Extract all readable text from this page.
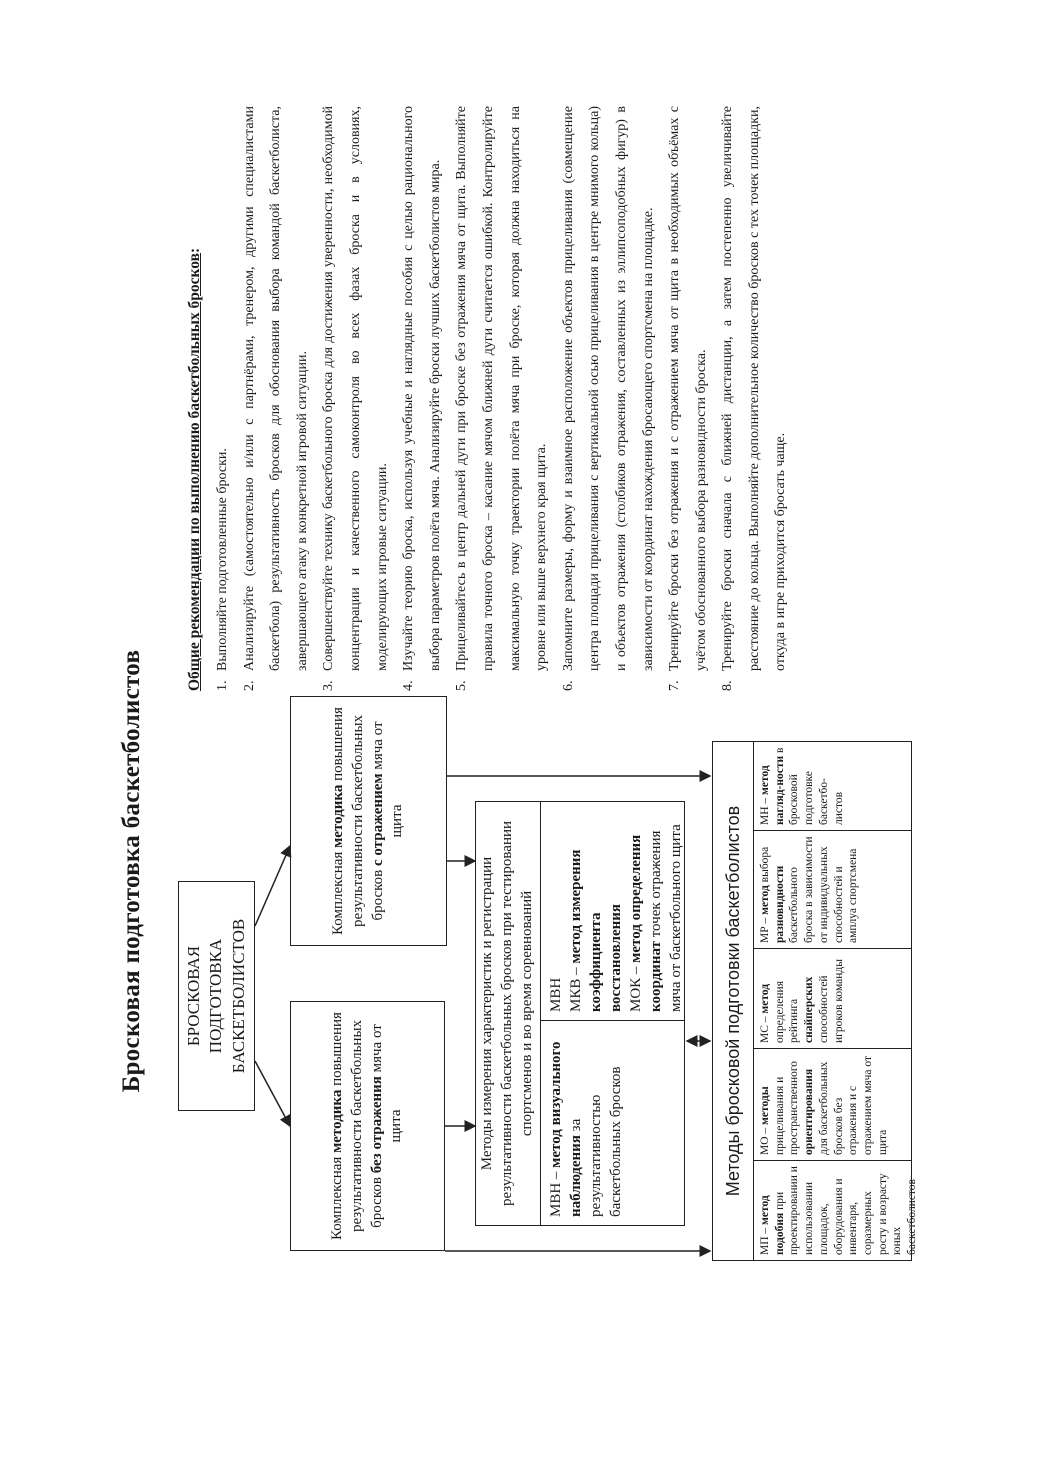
Бросковая подготовка баскетболистов БРОСКОВАЯ ПОДГОТОВКА БАСКЕТБОЛИСТОВ
Комплексная методика повышения результативности баскетбольных бросков без отражения мяча от щита
Комплексная методика повышения результативности баскетбольных бросков с отражением мяча от щита
Методы измерения характеристик и регистрации результативности баскетбольных бросков при тестировании спортсменов и во время соревнований
МВН – метод визуального наблюдения за результативностью баскетбольных бросков
МВН МКВ – метод измерения коэффициента восстановления МОК – метод определения координат точек отражения мяча от баскетбольного щита	Методы бросковой подготовки баскетболистов
МП – метод подобия при проектировании и использовании площадок, оборудования и инвентаря, соразмерных росту и возрасту юных баскетболистов
МО – методы прицеливания и пространственного ориентирования для баскетбольных бросков без отражения и с отражением мяча от щита
МС – метод определения рейтинга снайперских способностей игроков команды
МР – метод выбора разновидности баскетбольного броска в зависимости от индивидуальных способностей и амплуа спортсмена
МН – метод нагляд-ности в бросковой подготовке баскетбо-листов
Общие рекомендации по выполнению баскетбольных бросков:

1.
Выполняйте подготовленные броски.

2.
Анализируйте (самостоятельно и/или с партнёрами, тренером, другими специалистами баскетбола) результативность бросков для обоснования выбора командой баскетболиста, завершающего атаку в конкретной игровой ситуации.

3.
Совершенствуйте технику баскетбольного броска для достижения уверенности, необходимой концентрации и качественного самоконтроля во всех фазах броска и в условиях, моделирующих игровые ситуации.

4.
Изучайте теорию броска, используя учебные и наглядные пособия с целью рационального выбора параметров полёта мяча. Анализируйте броски лучших баскетболистов мира.

5.
Прицеливайтесь в центр дальней дуги при броске без отражения мяча от щита. Выполняйте правила точного броска – касание мячом ближней дуги считается ошибкой. Контролируйте максимальную точку траектории полёта мяча при броске, которая должна находиться на уровне или выше верхнего края щита.

6.
Запомните размеры, форму и взаимное расположение объектов прицеливания (совмещение центра площади прицеливания с вертикальной осью прицеливания в центре мнимого кольца) и объектов отражения (столбиков отражения, составленных из эллипсоподобных фигур) в зависимости от координат нахождения бросающего спортсмена на площадке.

7.
Тренируйте броски без отражения и с отражением мяча от щита в необходимых объёмах с учётом обоснованного выбора разновидности броска.

8.
Тренируйте броски сначала с ближней дистанции, а затем постепенно увеличивайте расстояние до кольца. Выполняйте дополнительное количество бросков с тех точек площадки, откуда в игре приходится бросать чаще.
